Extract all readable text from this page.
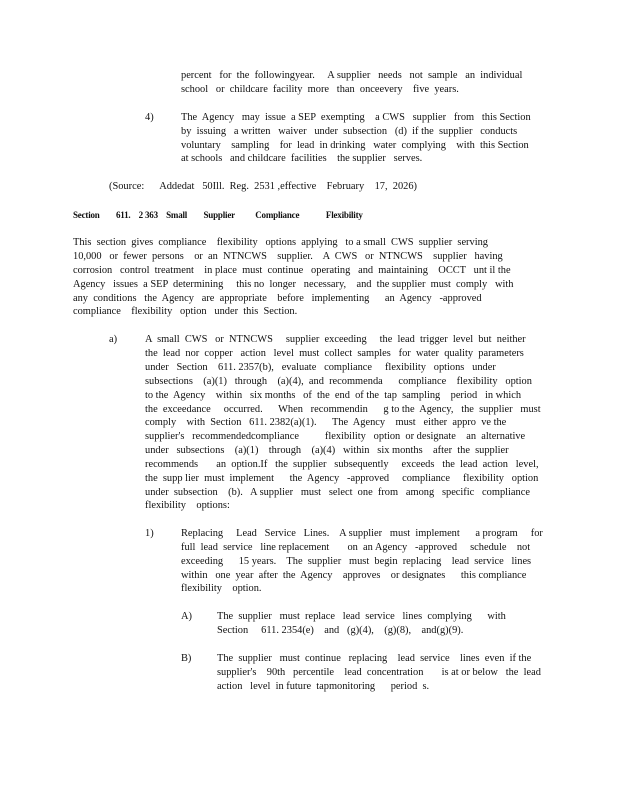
percent   for  the  followingyear.     A supplier   needs   not  sample   an  individual

school   or  childcare  facility  more   than  onceevery    five  years.

4)	The  Agency   may  issue  a SEP  exempting    a CWS   supplier   from   this Section

by  issuing   a written   waiver   under  subsection   (d)  if the  supplier   conducts

voluntary    sampling    for  lead  in drinking   water  complying    with  this Section

at schools   and childcare  facilities    the supplier   serves.

(Source:      Addedat   50Ill.  Reg.  2531 ,effective    February    17,  2026)

Section        611.    2 363    Small        Supplier          Compliance             Flexibility

This  section  gives  compliance    flexibility   options  applying   to a small  CWS  supplier  serving

10,000   or  fewer  persons    or  an  NTNCWS    supplier.    A  CWS   or  NTNCWS    supplier   having

corrosion   control  treatment    in place  must  continue   operating   and  maintaining    OCCT   unt il the

Agency   issues  a SEP  determining     this no  longer   necessary,    and  the supplier  must  comply   with

any  conditions   the  Agency   are  appropriate    before   implementing      an  Agency   -approved

compliance    flexibility   option   under  this  Section.

a)	A  small  CWS   or  NTNCWS     supplier  exceeding     the  lead  trigger  level  but  neither

the  lead  nor  copper   action   level  must  collect  samples   for  water  quality  parameters

under   Section    611. 2357(b),   evaluate   compliance     flexibility   options   under

subsections    (a)(1)   through    (a)(4),  and  recommenda      compliance    flexibility   option

to the  Agency    within   six months   of  the  end  of the  tap  sampling    period   in which

the  exceedance     occurred.      When   recommendin      g to the  Agency,   the  supplier   must

comply    with  Section   611. 2382(a)(1).      The  Agency    must   either  appro  ve the

supplier's   recommendedcompliance          flexibility   option  or designate    an  alternative

under   subsections    (a)(1)    through    (a)(4)   within   six months    after  the  supplier

recommends       an  option.If   the  supplier   subsequently     exceeds   the  lead  action   level,

the  supp lier  must  implement      the  Agency   -approved     compliance     flexibility   option

under  subsection    (b).   A supplier   must   select  one  from   among   specific   compliance

flexibility    options:

1)	Replacing     Lead   Service   Lines.    A supplier   must  implement      a program     for

full  lead  service   line replacement       on  an Agency   -approved     schedule    not

exceeding      15 years.    The  supplier   must  begin  replacing    lead  service   lines

within   one  year  after  the  Agency    approves    or designates      this compliance

flexibility    option.

A) The  supplier   must  replace   lead  service   lines  complying      with

Section     611. 2354(e)    and   (g)(4),    (g)(8),    and(g)(9).

B) The  supplier   must  continue   replacing    lead  service    lines  even  if the

supplier's    90th   percentile    lead  concentration       is at or below   the  lead

action   level  in future  tapmonitoring      period  s.
